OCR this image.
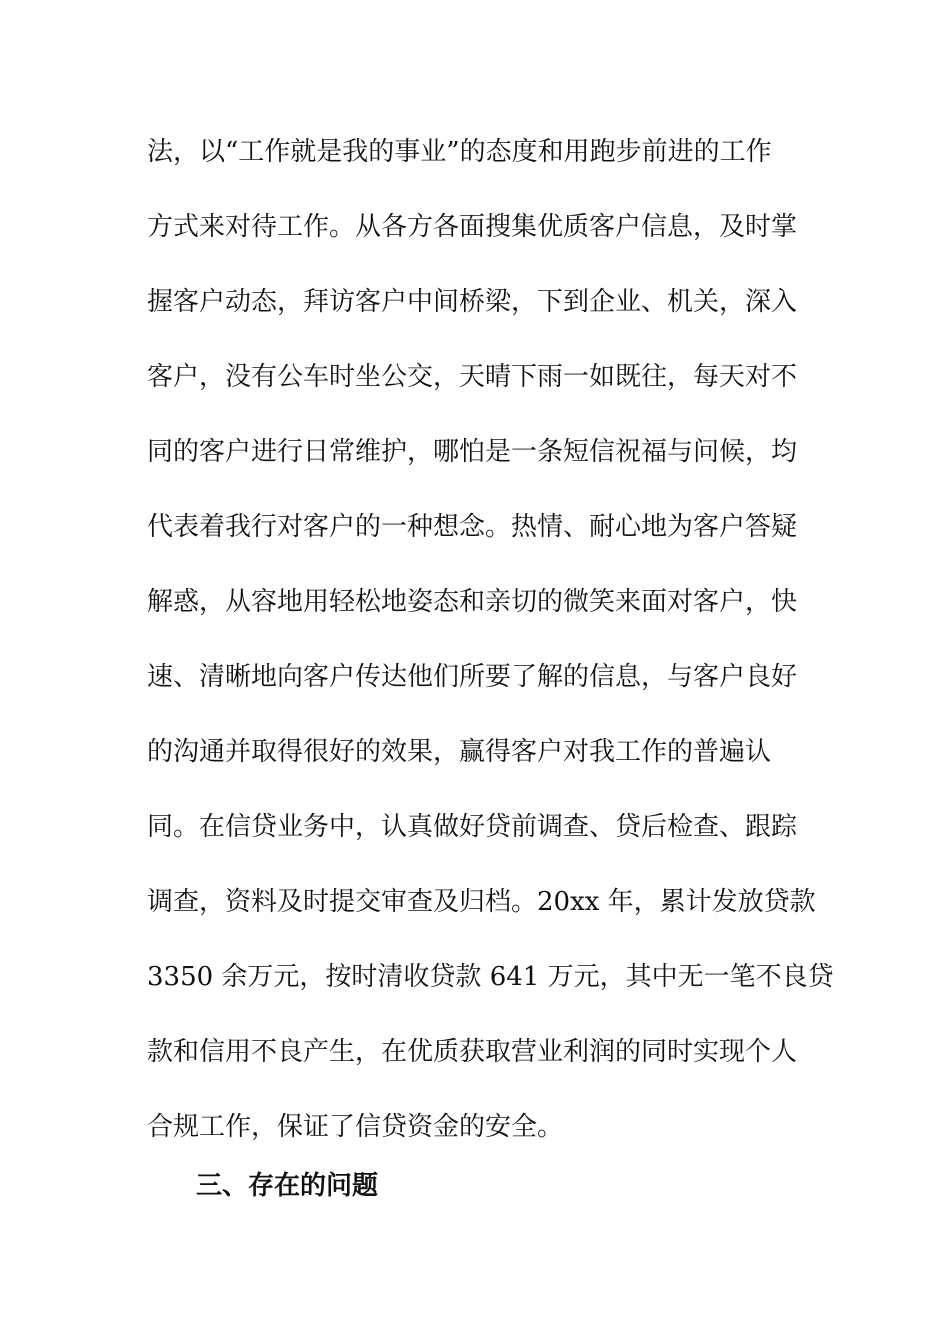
法，以“工作就是我的事业”的态度和用跑步前进的工作
方式来对待工作。从各方各面搜集优质客户信息，及时掌
握客户动态，拜访客户中间桥梁，下到企业、机关，深入
客户，没有公车时坐公交，天晴下雨一如既往，每天对不
同的客户进行日常维护，哪怕是一条短信祝福与问候，均
代表着我行对客户的一种想念。热情、耐心地为客户答疑
解惑，从容地用轻松地姿态和亲切的微笑来面对客户，快
速、清晰地向客户传达他们所要了解的信息，与客户良好
的沟通并取得很好的效果，赢得客户对我工作的普遍认
同。在信贷业务中，认真做好贷前调查、贷后检查、跟踪
调查，资料及时提交审查及归档。20xx 年，累计发放贷款
3350 余万元，按时清收贷款 641 万元，其中无一笔不良贷
款和信用不良产生，在优质获取营业利润的同时实现个人
合规工作，保证了信贷资金的安全。
三、存在的问题
